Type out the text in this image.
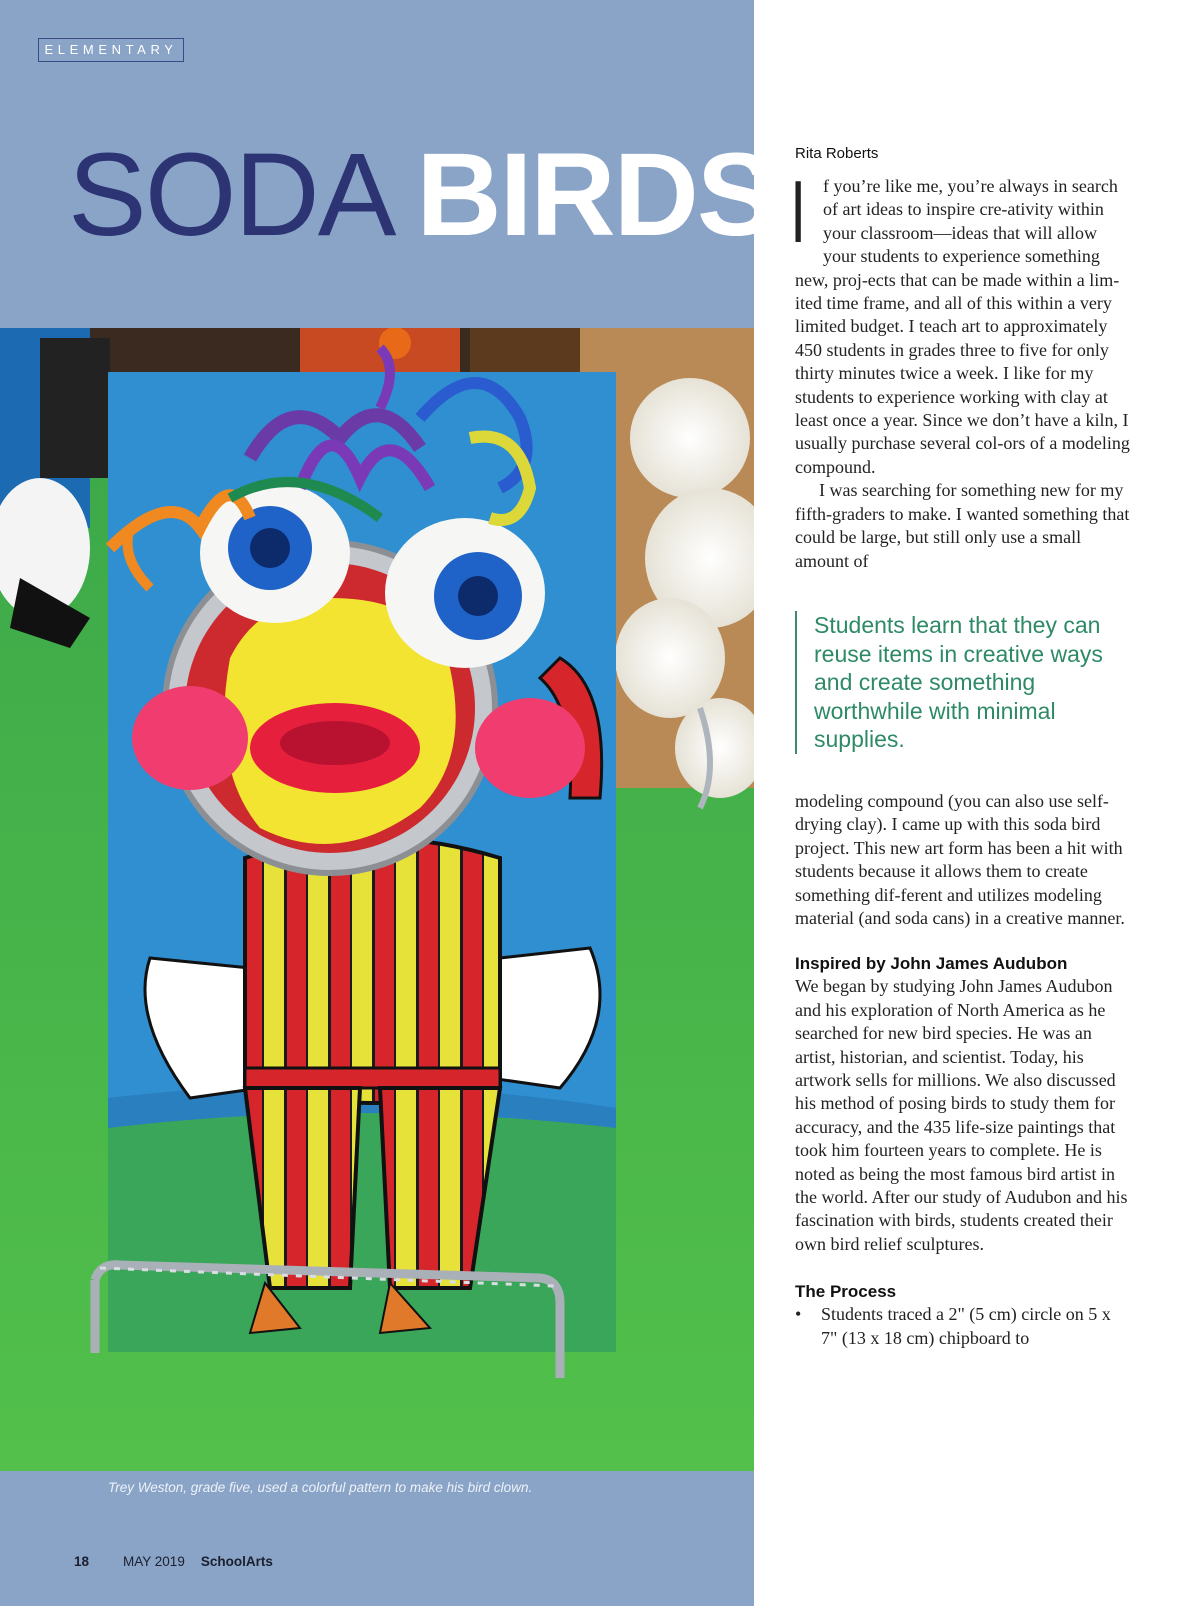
ELEMENTARY
SODA BIRDS
Trey Weston, grade five, used a colorful pattern to make his bird clown.
18	MAY 2019 SchoolArts

Rita Roberts

I f you’re like me, you’re always in search of art ideas to inspire cre-ativity within your classroom—ideas that will allow your students to experience something new, proj-ects that can be made within a lim-ited time frame, and all of this within a very limited budget. I teach art to approximately 450 students in grades three to five for only thirty minutes twice a week. I like for my students to experience working with clay at least once a year. Since we don’t have a kiln, I usually purchase several col-ors of a modeling compound.

I was searching for something new for my fifth-graders to make. I wanted something that could be large, but still only use a small amount of

Students learn that they can reuse items in creative ways and create something worthwhile with minimal supplies.

modeling compound (you can also use self-drying clay). I came up with this soda bird project. This new art form has been a hit with students because it allows them to create something dif-ferent and utilizes modeling material (and soda cans) in a creative manner.

Inspired by John James Audubon

We began by studying John James Audubon and his exploration of North America as he searched for new bird species. He was an artist, historian, and scientist. Today, his artwork sells for millions. We also discussed his method of posing birds to study them for accuracy, and the 435 life-size paintings that took him fourteen years to complete. He is noted as being the most famous bird artist in the world. After our study of Audubon and his fascination with birds, students created their own bird relief sculptures.

The Process

• Students traced a 2" (5 cm) circle on 5 x 7" (13 x 18 cm) chipboard to
